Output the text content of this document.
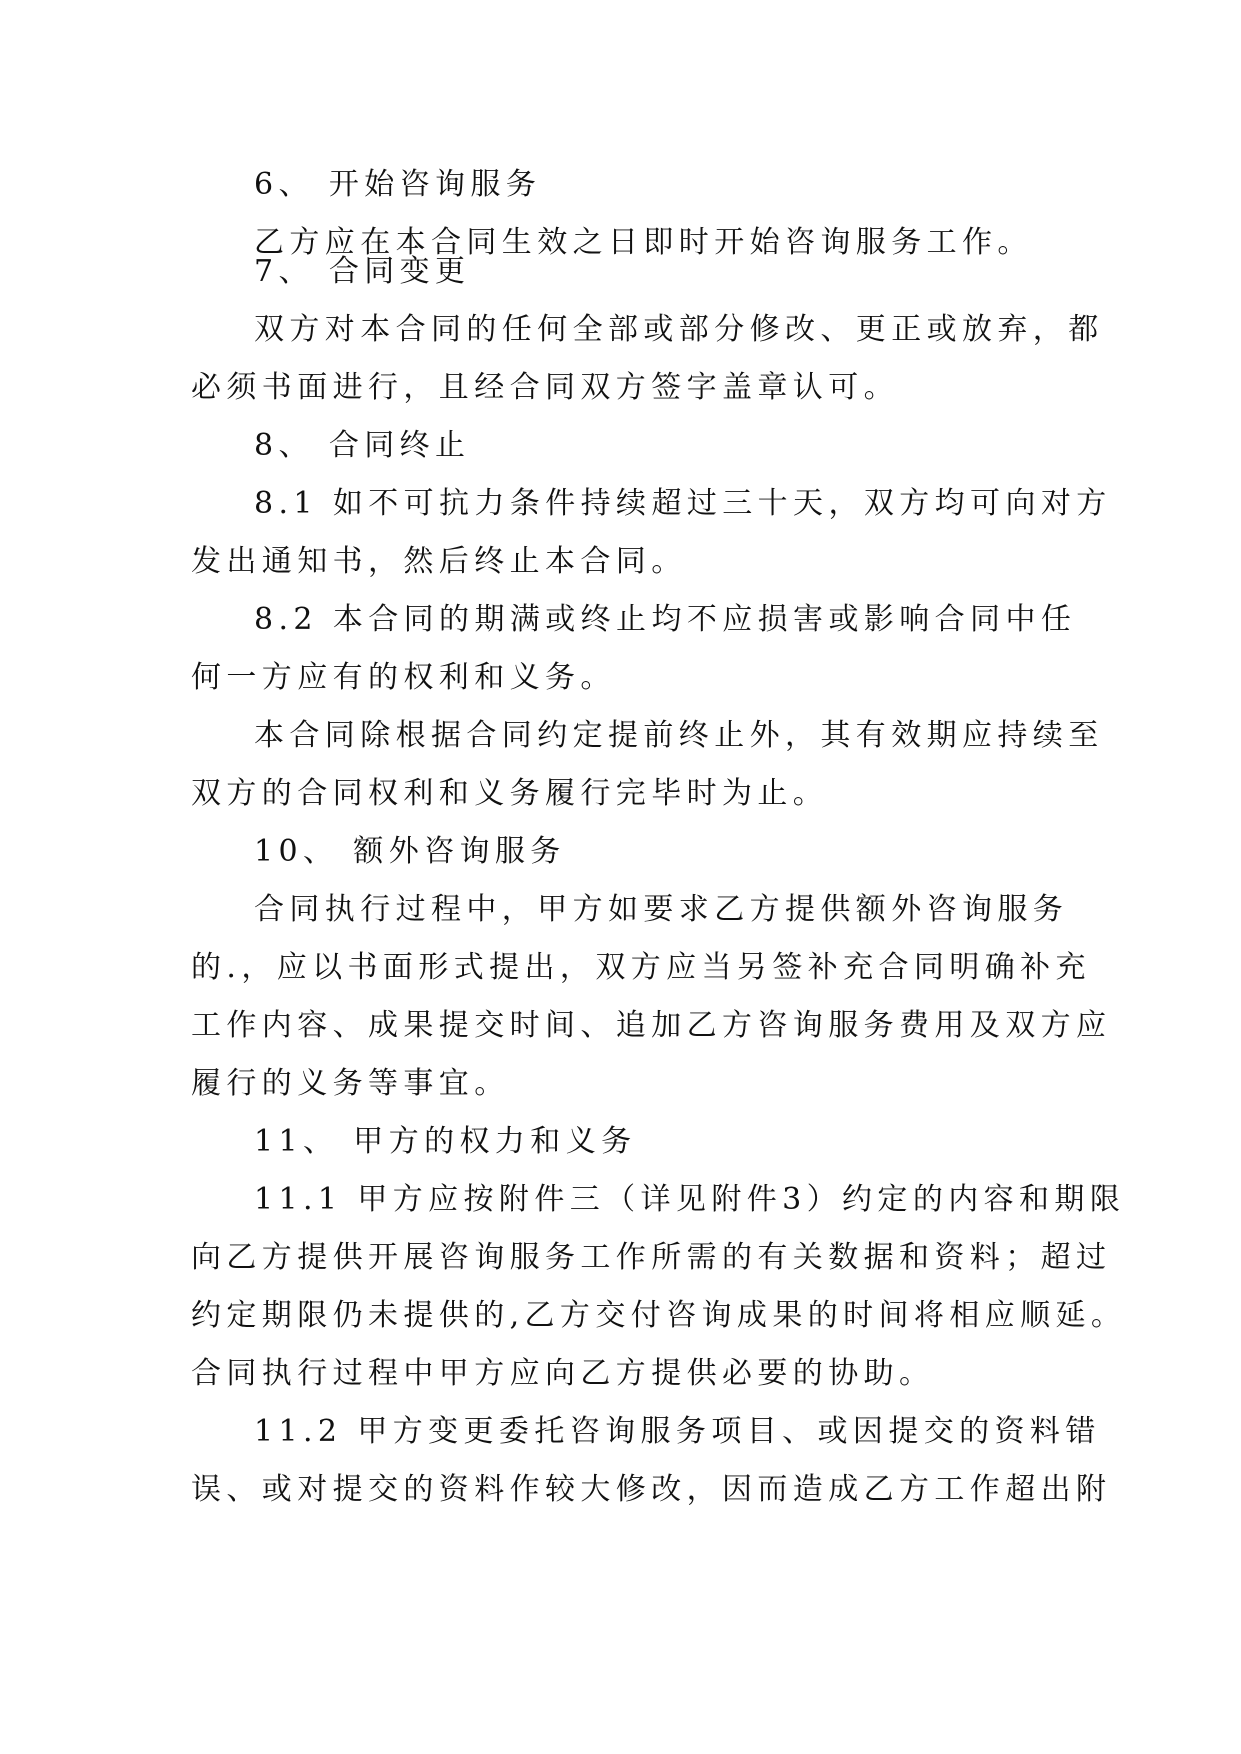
6、 开始咨询服务
乙方应在本合同生效之日即时开始咨询服务工作。
7、 合同变更
双方对本合同的任何全部或部分修改、更正或放弃，都
必须书面进行，且经合同双方签字盖章认可。
8、 合同终止
8.1 如不可抗力条件持续超过三十天，双方均可向对方
发出通知书，然后终止本合同。
8.2 本合同的期满或终止均不应损害或影响合同中任
何一方应有的权利和义务。
本合同除根据合同约定提前终止外，其有效期应持续至
双方的合同权利和义务履行完毕时为止。
10、 额外咨询服务
合同执行过程中，甲方如要求乙方提供额外咨询服务
的.，应以书面形式提出，双方应当另签补充合同明确补充
工作内容、成果提交时间、追加乙方咨询服务费用及双方应
履行的义务等事宜。
11、 甲方的权力和义务
11.1 甲方应按附件三（详见附件3）约定的内容和期限
向乙方提供开展咨询服务工作所需的有关数据和资料；超过
约定期限仍未提供的,乙方交付咨询成果的时间将相应顺延。
合同执行过程中甲方应向乙方提供必要的协助。
11.2 甲方变更委托咨询服务项目、或因提交的资料错
误、或对提交的资料作较大修改，因而造成乙方工作超出附
